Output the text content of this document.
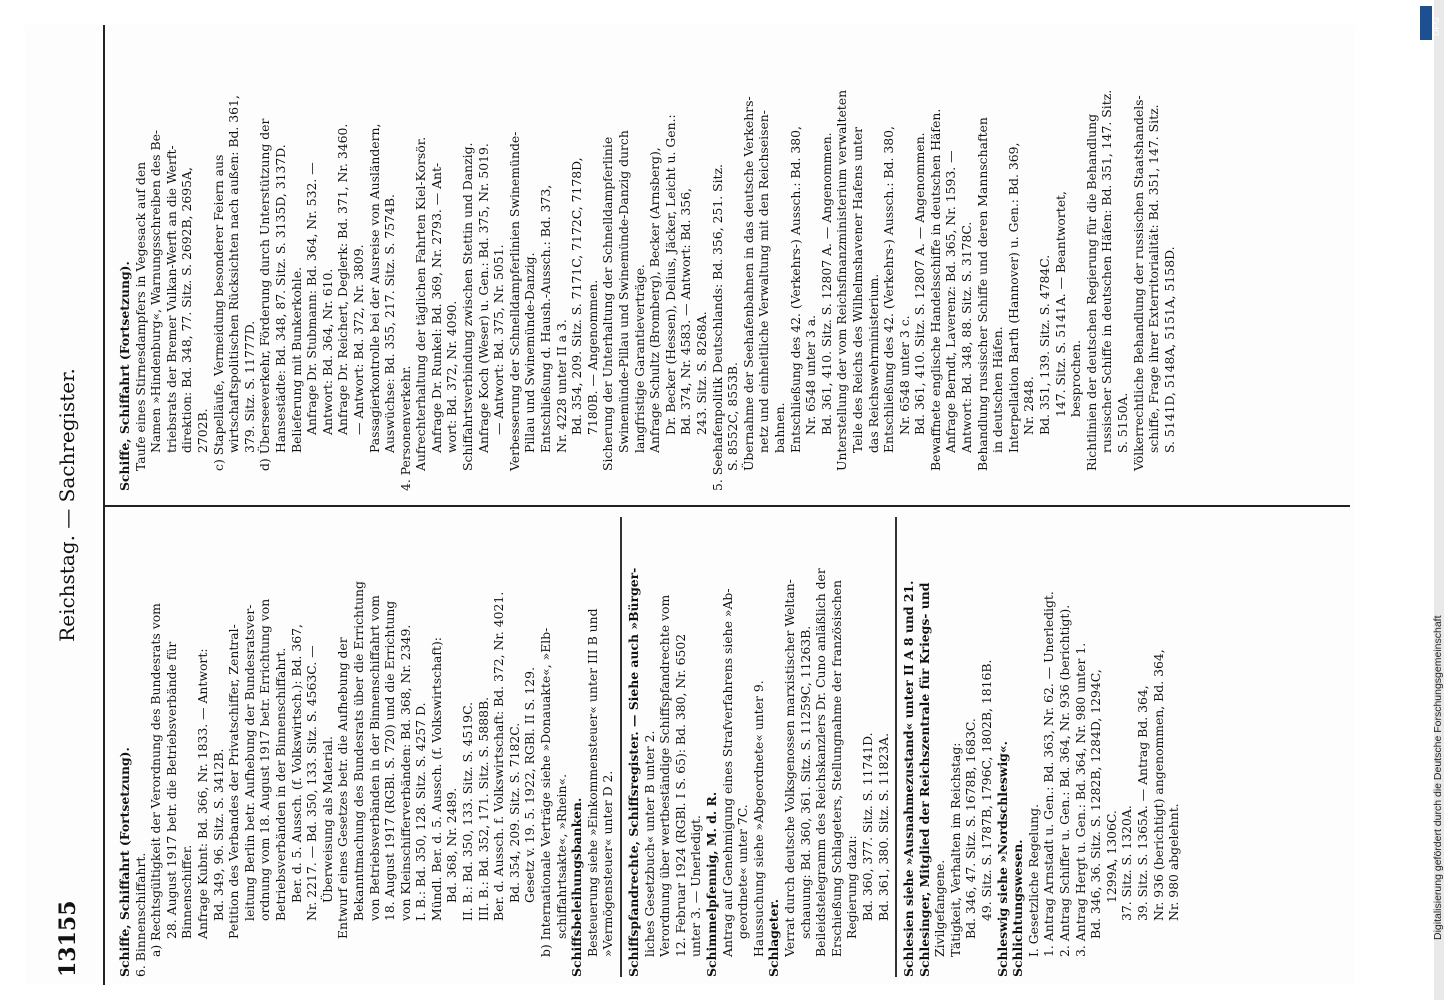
13155
Reichstag. — Sachregister.
Schiffe, Schiffahrt (Fortsetzung). 6. Binnenschiffahrt. a) Rechtsgültigkeit der Verordnung des Bundesrats vom 28. August 1917 betr. die Betriebsverbände für Binnenschiffer. Anfrage Kubnt: Bd. 366, Nr. 1833. — Antwort: Bd. 349, 96. Sitz. S. 3412B. Petition des Verbandes der Privatschiffer, Zentral- leitung Berlin betr. Aufhebung der Bundesratsver- ordnung vom 18. August 1917 betr. Errichtung von Betriebsverbänden in der Binnenschiffahrt. Ber. d. 5. Aussch. (f. Volkswirtsch.): Bd. 367, Nr. 2217. — Bd. 350, 133. Sitz. S. 4563C. — Überweisung als Material. Entwurf eines Gesetzes betr. die Aufhebung der Bekanntmachung des Bundesrats über die Errichtung von Betriebsverbänden in der Binnenschiffahrt vom 18. August 1917 (RGBl. S. 720) und die Errichtung von Kleinschifferverbänden: Bd. 368, Nr. 2349. I. B.: Bd. 350, 128. Sitz. S. 4257 D. Mündl. Ber. d. 5. Aussch. (f. Volkswirtschaft): Bd. 368, Nr. 2489. II. B.: Bd. 350, 133. Sitz. S. 4519C. III. B.: Bd. 352, 171. Sitz. S. 5888B. Ber. d. Aussch. f. Volkswirtschaft: Bd. 372, Nr. 4021. Bd. 354, 209. Sitz. S. 7182C. Gesetz v. 19. 5. 1922, RGBl. II S. 129. b) Internationale Verträge siehe »Donauakte«, »Elb- schiffahrtsakte«, »Rhein«. Schiffsbeleihungsbanken. Besteuerung siehe »Einkommensteuer« unter III B und »Vermögensteuer« unter D 2. Schiffspfandrechte, Schiffsregister. — Siehe auch »Bürger- liches Gesetzbuch« unter B unter 2. Verordnung über wertbeständige Schiffspfandrechte vom 12. Februar 1924 (RGBl. I S. 65): Bd. 380, Nr. 6502 unter 3. — Unerledigt. Schimmelpfennig, M. d. R. Antrag auf Genehmigung eines Strafverfahrens siehe »Ab- geordnete« unter 7C. Haussuchung siehe »Abgeordnete« unter 9. Schlageter. Verrat durch deutsche Volksgenossen marxistischer Weltan- schauung: Bd. 360, 361. Sitz. S. 11259C, 11263B. Beileidstelegramm des Reichskanzlers Dr. Cuno anläßlich der Erschießung Schlageters, Stellungnahme der französischen Regierung dazu: Bd. 360, 377. Sitz. S. 11741D. Bd. 361, 380. Sitz. S. 11823A. Schlesien siehe »Ausnahmezustand« unter II A 8 und 21. Schlesinger, Mitglied der Reichszentrale für Kriegs- und Zivilgefangene. Tätigkeit, Verhalten im Reichstag: Bd. 346, 47. Sitz. S. 1678B, 1683C. 49. Sitz. S. 1787B, 1796C, 1802B, 1816B. Schleswig siehe »Nordschleswig«. Schlichtungswesen. I. Gesetzliche Regelung. 1. Antrag Arnstadt u. Gen.: Bd. 363, Nr. 62. — Unerledigt. 2. Antrag Schiffer u. Gen.: Bd. 364, Nr. 936 (berichtigt). 3. Antrag Hergt u. Gen.: Bd. 364, Nr. 980 unter 1. Bd. 346, 36. Sitz. S. 1282B, 1284D, 1294C, 1299A, 1306C. 37. Sitz. S. 1320A. 39. Sitz. S. 1365A. — Antrag Bd. 364, Nr. 936 (berichtigt) angenommen, Bd. 364, Nr. 980 abgelehnt.
Schiffe, Schiffahrt (Fortsetzung). Taufe eines Stirnesdampfers in Vegesack auf den Namen »Hindenburg«, Warnungsschreiben des Be- triebsrats der Bremer Vulkan-Werft an die Werft- direktion: Bd. 348, 77. Sitz. S. 2692B, 2695A, 2702B. c) Stapelläufe, Vermeidung besonderer Feiern aus wirtschaftspolitischen Rücksichten nach außen: Bd. 361, 379. Sitz. S. 11777D. d) Überseeverkehr, Förderung durch Unterstützung der Hansestädte: Bd. 348, 87. Sitz. S. 3135D, 3137D. Belieferung mit Bunkerkohle. Anfrage Dr. Stubmann: Bd. 364, Nr. 532. — Antwort: Bd. 364, Nr. 610. Anfrage Dr. Reichert, Deglerk: Bd. 371, Nr. 3460. — Antwort: Bd. 372, Nr. 3809. Passagierkontrolle bei der Ausreise von Ausländern, Auswüchse: Bd. 355, 217. Sitz. S. 7574B. 4. Personenverkehr. Aufrechterhaltung der täglichen Fahrten Kiel-Korsör. Anfrage Dr. Runkel: Bd. 369, Nr. 2793. — Ant- wort: Bd. 372, Nr. 4090. Schiffahrtsverbindung zwischen Stettin und Danzig. Anfrage Koch (Weser) u. Gen.: Bd. 375, Nr. 5019. — Antwort: Bd. 375, Nr. 5051. Verbesserung der Schnelldampferlinien Swinemünde- Pillau und Swinemünde-Danzig. Entschließung d. Haush.-Aussch.: Bd. 373, Nr. 4228 unter II a 3. Bd. 354, 209. Sitz. S. 7171C, 7172C, 7178D, 7180B. — Angenommen. Sicherung der Unterhaltung der Schnelldampferlinie Swinemünde-Pillau und Swinemünde-Danzig durch langfristige Garantieverträge. Anfrage Schultz (Bromberg), Becker (Arnsberg), Dr. Becker (Hessen), Delius, Jäcker, Leicht u. Gen.: Bd. 374, Nr. 4583. — Antwort: Bd. 356, 243. Sitz. S. 8268A. 5. Seehafenpolitik Deutschlands: Bd. 356, 251. Sitz. S. 8552C, 8553B. Übernahme der Seehafenbahnen in das deutsche Verkehrs- netz und einheitliche Verwaltung mit den Reichseisen- bahnen. Entschließung des 42. (Verkehrs-) Aussch.: Bd. 380, Nr. 6548 unter 3 a. Bd. 361, 410. Sitz. S. 12807 A. — Angenommen. Unterstellung der vom Reichsfinanzministerium verwalteten Teile des Reichs des Wilhelmshavener Hafens unter das Reichswehrministerium. Entschließung des 42. (Verkehrs-) Aussch.: Bd. 380, Nr. 6548 unter 3 c. Bd. 361, 410. Sitz. S. 12807 A. — Angenommen. Bewaffnete englische Handelsschiffe in deutschen Häfen. Anfrage Berndt, Laverenz: Bd. 365, Nr. 1593. — Antwort: Bd. 348, 88. Sitz. S. 3178C. Behandlung russischer Schiffe und deren Mannschaften in deutschen Häfen. Interpellation Barth (Hannover) u. Gen.: Bd. 369, Nr. 2848. Bd. 351, 139. Sitz. S. 4784C. 147. Sitz. S. 5141A. — Beantwortet, besprochen. Richtlinien der deutschen Regierung für die Behandlung russischer Schiffe in deutschen Häfen: Bd. 351, 147. Sitz. S. 5150A. Völkerrechtliche Behandlung der russischen Staatshandels- schiffe, Frage ihrer Exterritorialität: Bd. 351, 147. Sitz. S. 5141D, 5148A, 5151A, 5158D.
DFG
Digitalisierung gefördert durch die Deutsche Forschungsgemeinschaft
